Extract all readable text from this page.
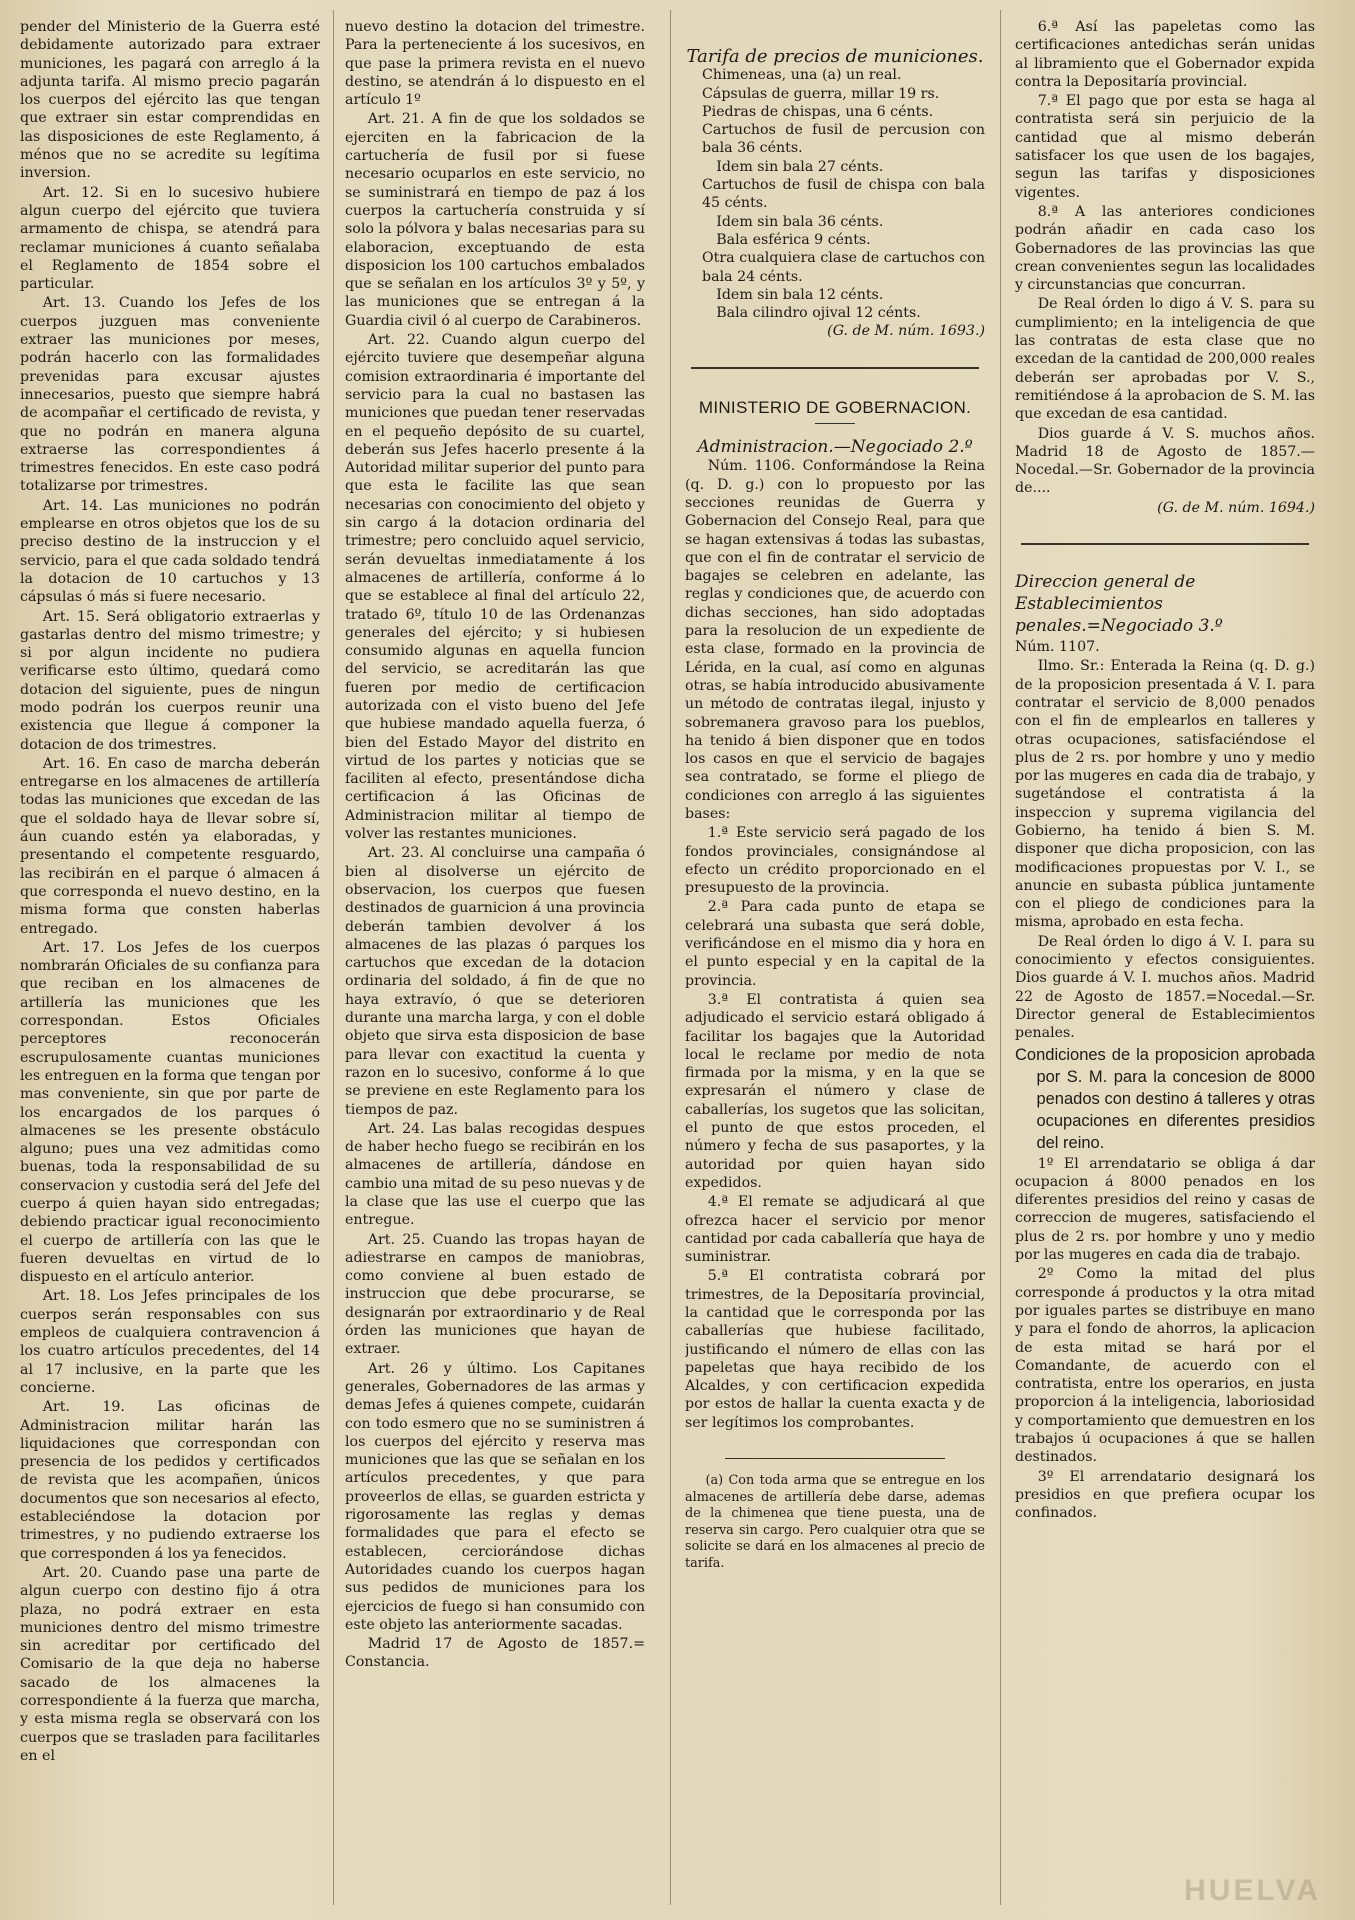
pender del Ministerio de la Guerra esté debidamente autorizado para extraer municiones, les pagará con arreglo á la adjunta tarifa. Al mismo precio pagarán los cuerpos del ejército las que tengan que extraer sin estar comprendidas en las disposiciones de este Reglamento, á ménos que no se acredite su legítima inversion.

Art. 12. Si en lo sucesivo hubiere algun cuerpo del ejército que tuviera armamento de chispa, se atendrá para reclamar municiones á cuanto señalaba el Reglamento de 1854 sobre el particular.

Art. 13. Cuando los Jefes de los cuerpos juzguen mas conveniente extraer las municiones por meses, podrán hacerlo con las formalidades prevenidas para excusar ajustes innecesarios, puesto que siempre habrá de acompañar el certificado de revista, y que no podrán en manera alguna extraerse las correspondientes á trimestres fenecidos. En este caso podrá totalizarse por trimestres.

Art. 14. Las municiones no podrán emplearse en otros objetos que los de su preciso destino de la instruccion y el servicio, para el que cada soldado tendrá la dotacion de 10 cartuchos y 13 cápsulas ó más si fuere necesario.

Art. 15. Será obligatorio extraerlas y gastarlas dentro del mismo trimestre; y si por algun incidente no pudiera verificarse esto último, quedará como dotacion del siguiente, pues de ningun modo podrán los cuerpos reunir una existencia que llegue á componer la dotacion de dos trimestres.

Art. 16. En caso de marcha deberán entregarse en los almacenes de artillería todas las municiones que excedan de las que el soldado haya de llevar sobre sí, áun cuando estén ya elaboradas, y presentando el competente resguardo, las recibirán en el parque ó almacen á que corresponda el nuevo destino, en la misma forma que consten haberlas entregado.

Art. 17. Los Jefes de los cuerpos nombrarán Oficiales de su confianza para que reciban en los almacenes de artillería las municiones que les correspondan. Estos Oficiales perceptores reconocerán escrupulosamente cuantas municiones les entreguen en la forma que tengan por mas conveniente, sin que por parte de los encargados de los parques ó almacenes se les presente obstáculo alguno; pues una vez admitidas como buenas, toda la responsabilidad de su conservacion y custodia será del Jefe del cuerpo á quien hayan sido entregadas; debiendo practicar igual reconocimiento el cuerpo de artillería con las que le fueren devueltas en virtud de lo dispuesto en el artículo anterior.

Art. 18. Los Jefes principales de los cuerpos serán responsables con sus empleos de cualquiera contravencion á los cuatro artículos precedentes, del 14 al 17 inclusive, en la parte que les concierne.

Art. 19. Las oficinas de Administracion militar harán las liquidaciones que correspondan con presencia de los pedidos y certificados de revista que les acompañen, únicos documentos que son necesarios al efecto, estableciéndose la dotacion por trimestres, y no pudiendo extraerse los que corresponden á los ya fenecidos.

Art. 20. Cuando pase una parte de algun cuerpo con destino fijo á otra plaza, no podrá extraer en esta municiones dentro del mismo trimestre sin acreditar por certificado del Comisario de la que deja no haberse sacado de los almacenes la correspondiente á la fuerza que marcha, y esta misma regla se observará con los cuerpos que se trasladen para facilitarles en el

nuevo destino la dotacion del trimestre. Para la perteneciente á los sucesivos, en que pase la primera revista en el nuevo destino, se atendrán á lo dispuesto en el artículo 1º

Art. 21. A fin de que los soldados se ejerciten en la fabricacion de la cartuchería de fusil por si fuese necesario ocuparlos en este servicio, no se suministrará en tiempo de paz á los cuerpos la cartuchería construida y sí solo la pólvora y balas necesarias para su elaboracion, exceptuando de esta disposicion los 100 cartuchos embalados que se señalan en los artículos 3º y 5º, y las municiones que se entregan á la Guardia civil ó al cuerpo de Carabineros.

Art. 22. Cuando algun cuerpo del ejército tuviere que desempeñar alguna comision extraordinaria é importante del servicio para la cual no bastasen las municiones que puedan tener reservadas en el pequeño depósito de su cuartel, deberán sus Jefes hacerlo presente á la Autoridad militar superior del punto para que esta le facilite las que sean necesarias con conocimiento del objeto y sin cargo á la dotacion ordinaria del trimestre; pero concluido aquel servicio, serán devueltas inmediatamente á los almacenes de artillería, conforme á lo que se establece al final del artículo 22, tratado 6º, título 10 de las Ordenanzas generales del ejército; y si hubiesen consumido algunas en aquella funcion del servicio, se acreditarán las que fueren por medio de certificacion autorizada con el visto bueno del Jefe que hubiese mandado aquella fuerza, ó bien del Estado Mayor del distrito en virtud de los partes y noticias que se faciliten al efecto, presentándose dicha certificacion á las Oficinas de Administracion militar al tiempo de volver las restantes municiones.

Art. 23. Al concluirse una campaña ó bien al disolverse un ejército de observacion, los cuerpos que fuesen destinados de guarnicion á una provincia deberán tambien devolver á los almacenes de las plazas ó parques los cartuchos que excedan de la dotacion ordinaria del soldado, á fin de que no haya extravío, ó que se deterioren durante una marcha larga, y con el doble objeto que sirva esta disposicion de base para llevar con exactitud la cuenta y razon en lo sucesivo, conforme á lo que se previene en este Reglamento para los tiempos de paz.

Art. 24. Las balas recogidas despues de haber hecho fuego se recibirán en los almacenes de artillería, dándose en cambio una mitad de su peso nuevas y de la clase que las use el cuerpo que las entregue.

Art. 25. Cuando las tropas hayan de adiestrarse en campos de maniobras, como conviene al buen estado de instruccion que debe procurarse, se designarán por extraordinario y de Real órden las municiones que hayan de extraer.

Art. 26 y último. Los Capitanes generales, Gobernadores de las armas y demas Jefes á quienes compete, cuidarán con todo esmero que no se suministren á los cuerpos del ejército y reserva mas municiones que las que se señalan en los artículos precedentes, y que para proveerlos de ellas, se guarden estricta y rigorosamente las reglas y demas formalidades que para el efecto se establecen, cerciorándose dichas Autoridades cuando los cuerpos hagan sus pedidos de municiones para los ejercicios de fuego si han consumido con este objeto las anteriormente sacadas.

Madrid 17 de Agosto de 1857.= Constancia.

Tarifa de precios de municiones.

Chimeneas, una (a) un real.

Cápsulas de guerra, millar 19 rs.

Piedras de chispas, una 6 cénts.

Cartuchos de fusil de percusion con bala 36 cénts.

Idem sin bala 27 cénts.

Cartuchos de fusil de chispa con bala 45 cénts.

Idem sin bala 36 cénts.

Bala esférica 9 cénts.

Otra cualquiera clase de cartuchos con bala 24 cénts.

Idem sin bala 12 cénts.

Bala cilindro ojival 12 cénts.

(G. de M. núm. 1693.)

MINISTERIO DE GOBERNACION.

Administracion.—Negociado 2.º

Núm. 1106. Conformándose la Reina (q. D. g.) con lo propuesto por las secciones reunidas de Guerra y Gobernacion del Consejo Real, para que se hagan extensivas á todas las subastas, que con el fin de contratar el servicio de bagajes se celebren en adelante, las reglas y condiciones que, de acuerdo con dichas secciones, han sido adoptadas para la resolucion de un expediente de esta clase, formado en la provincia de Lérida, en la cual, así como en algunas otras, se había introducido abusivamente un método de contratas ilegal, injusto y sobremanera gravoso para los pueblos, ha tenido á bien disponer que en todos los casos en que el servicio de bagajes sea contratado, se forme el pliego de condiciones con arreglo á las siguientes bases:

1.ª Este servicio será pagado de los fondos provinciales, consignándose al efecto un crédito proporcionado en el presupuesto de la provincia.

2.ª Para cada punto de etapa se celebrará una subasta que será doble, verificándose en el mismo dia y hora en el punto especial y en la capital de la provincia.

3.ª El contratista á quien sea adjudicado el servicio estará obligado á facilitar los bagajes que la Autoridad local le reclame por medio de nota firmada por la misma, y en la que se expresarán el número y clase de caballerías, los sugetos que las solicitan, el punto de que estos proceden, el número y fecha de sus pasaportes, y la autoridad por quien hayan sido expedidos.

4.ª El remate se adjudicará al que ofrezca hacer el servicio por menor cantidad por cada caballería que haya de suministrar.

5.ª El contratista cobrará por trimestres, de la Depositaría provincial, la cantidad que le corresponda por las caballerías que hubiese facilitado, justificando el número de ellas con las papeletas que haya recibido de los Alcaldes, y con certificacion expedida por estos de hallar la cuenta exacta y de ser legítimos los comprobantes.

(a) Con toda arma que se entregue en los almacenes de artillería debe darse, ademas de la chimenea que tiene puesta, una de reserva sin cargo. Pero cualquier otra que se solicite se dará en los almacenes al precio de tarifa.

6.ª Así las papeletas como las certificaciones antedichas serán unidas al libramiento que el Gobernador expida contra la Depositaría provincial.

7.ª El pago que por esta se haga al contratista será sin perjuicio de la cantidad que al mismo deberán satisfacer los que usen de los bagajes, segun las tarifas y disposiciones vigentes.

8.ª A las anteriores condiciones podrán añadir en cada caso los Gobernadores de las provincias las que crean convenientes segun las localidades y circunstancias que concurran.

De Real órden lo digo á V. S. para su cumplimiento; en la inteligencia de que las contratas de esta clase que no excedan de la cantidad de 200,000 reales deberán ser aprobadas por V. S., remitiéndose á la aprobacion de S. M. las que excedan de esa cantidad.

Dios guarde á V. S. muchos años. Madrid 18 de Agosto de 1857.— Nocedal.—Sr. Gobernador de la provincia de....

(G. de M. núm. 1694.)

Direccion general de Establecimientos penales.=Negociado 3.º

Núm. 1107.

Ilmo. Sr.: Enterada la Reina (q. D. g.) de la proposicion presentada á V. I. para contratar el servicio de 8,000 penados con el fin de emplearlos en talleres y otras ocupaciones, satisfaciéndose el plus de 2 rs. por hombre y uno y medio por las mugeres en cada dia de trabajo, y sugetándose el contratista á la inspeccion y suprema vigilancia del Gobierno, ha tenido á bien S. M. disponer que dicha proposicion, con las modificaciones propuestas por V. I., se anuncie en subasta pública juntamente con el pliego de condiciones para la misma, aprobado en esta fecha.

De Real órden lo digo á V. I. para su conocimiento y efectos consiguientes. Dios guarde á V. I. muchos años. Madrid 22 de Agosto de 1857.=Nocedal.—Sr. Director general de Establecimientos penales.

Condiciones de la proposicion aprobada por S. M. para la concesion de 8000 penados con destino á talleres y otras ocupaciones en diferentes presidios del reino.

1º El arrendatario se obliga á dar ocupacion á 8000 penados en los diferentes presidios del reino y casas de correccion de mugeres, satisfaciendo el plus de 2 rs. por hombre y uno y medio por las mugeres en cada dia de trabajo.

2º Como la mitad del plus corresponde á productos y la otra mitad por iguales partes se distribuye en mano y para el fondo de ahorros, la aplicacion de esta mitad se hará por el Comandante, de acuerdo con el contratista, entre los operarios, en justa proporcion á la inteligencia, laboriosidad y comportamiento que demuestren en los trabajos ú ocupaciones á que se hallen destinados.

3º El arrendatario designará los presidios en que prefiera ocupar los confinados.

HUELVA
